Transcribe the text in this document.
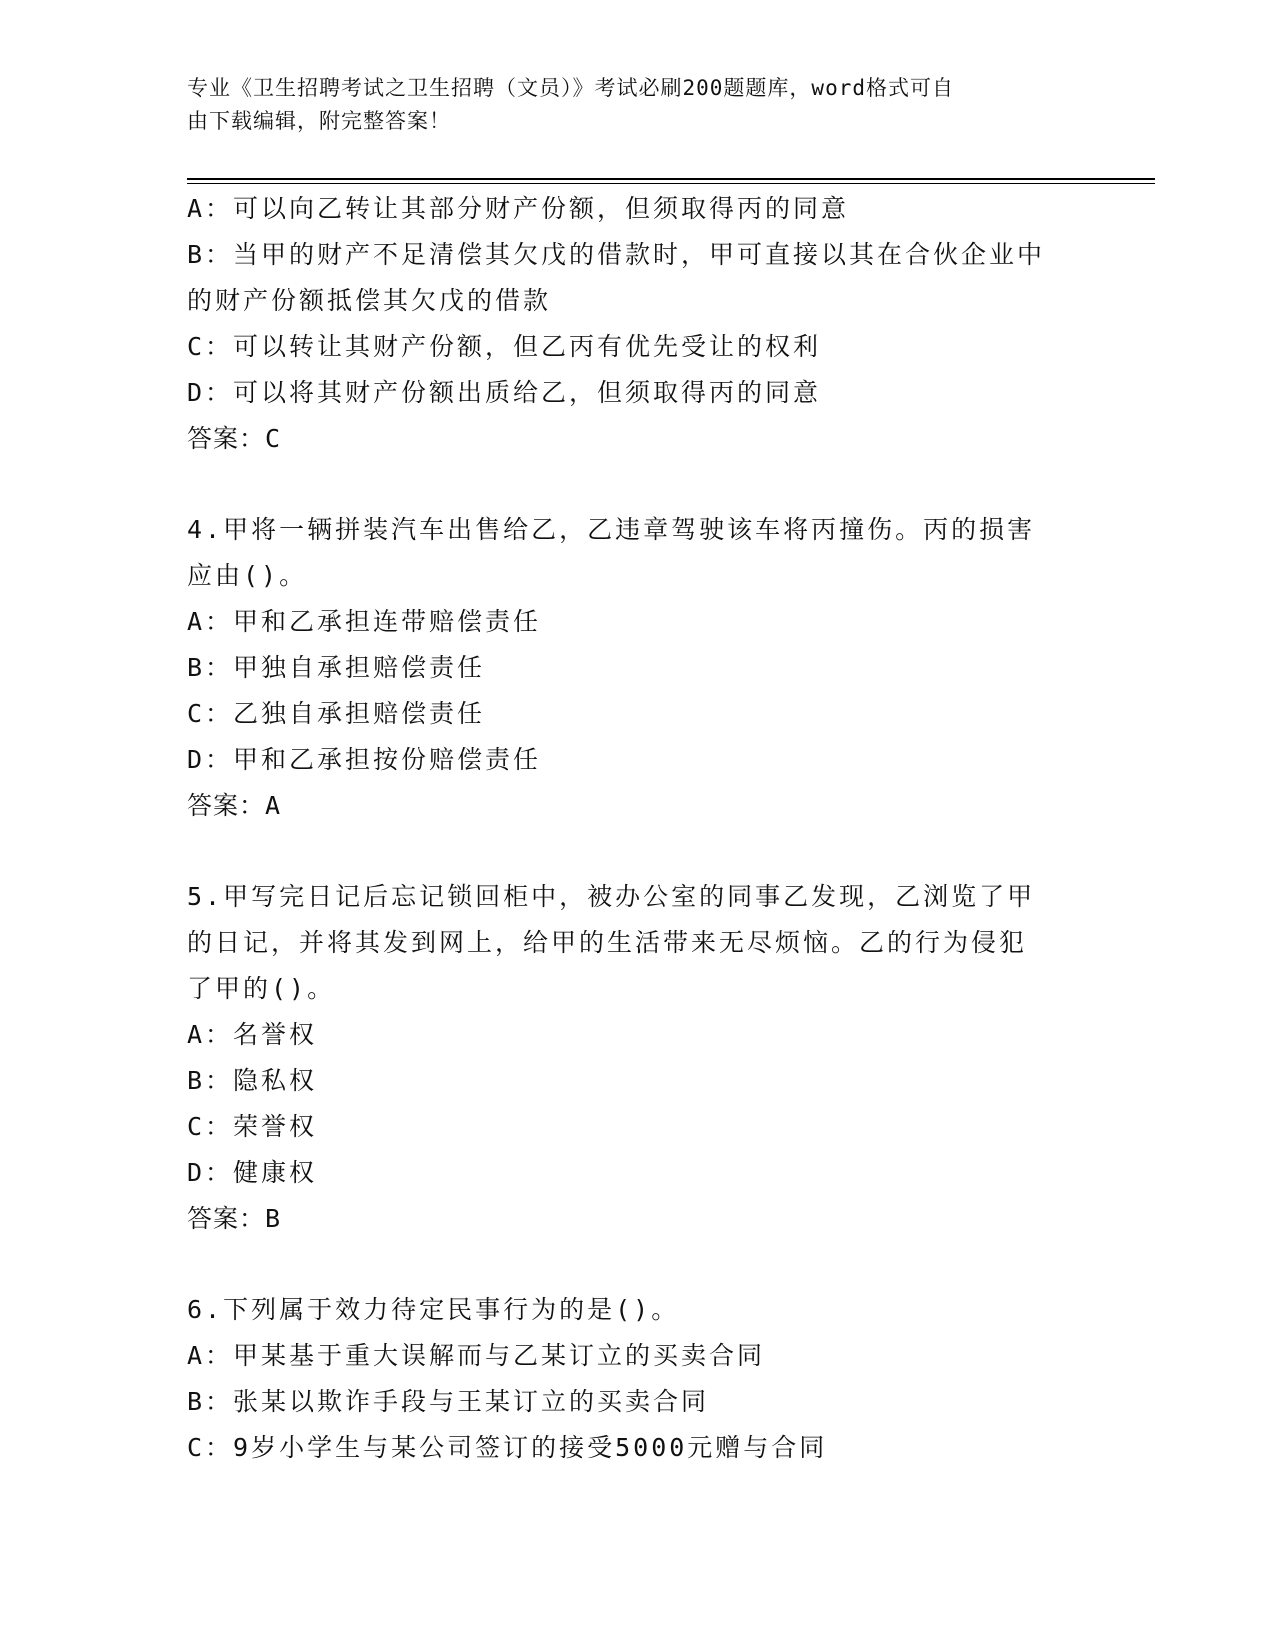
专业《卫生招聘考试之卫生招聘（文员）》考试必刷200题题库，word格式可自
由下载编辑，附完整答案！
A：可以向乙转让其部分财产份额，但须取得丙的同意
B：当甲的财产不足清偿其欠戊的借款时，甲可直接以其在合伙企业中
的财产份额抵偿其欠戊的借款
C：可以转让其财产份额，但乙丙有优先受让的权利
D：可以将其财产份额出质给乙，但须取得丙的同意
答案：C
4.甲将一辆拼装汽车出售给乙，乙违章驾驶该车将丙撞伤。丙的损害
应由()。
A：甲和乙承担连带赔偿责任
B：甲独自承担赔偿责任
C：乙独自承担赔偿责任
D：甲和乙承担按份赔偿责任
答案：A
5.甲写完日记后忘记锁回柜中，被办公室的同事乙发现，乙浏览了甲
的日记，并将其发到网上，给甲的生活带来无尽烦恼。乙的行为侵犯
了甲的()。
A：名誉权
B：隐私权
C：荣誉权
D：健康权
答案：B
6.下列属于效力待定民事行为的是()。
A：甲某基于重大误解而与乙某订立的买卖合同
B：张某以欺诈手段与王某订立的买卖合同
C：9岁小学生与某公司签订的接受5000元赠与合同
